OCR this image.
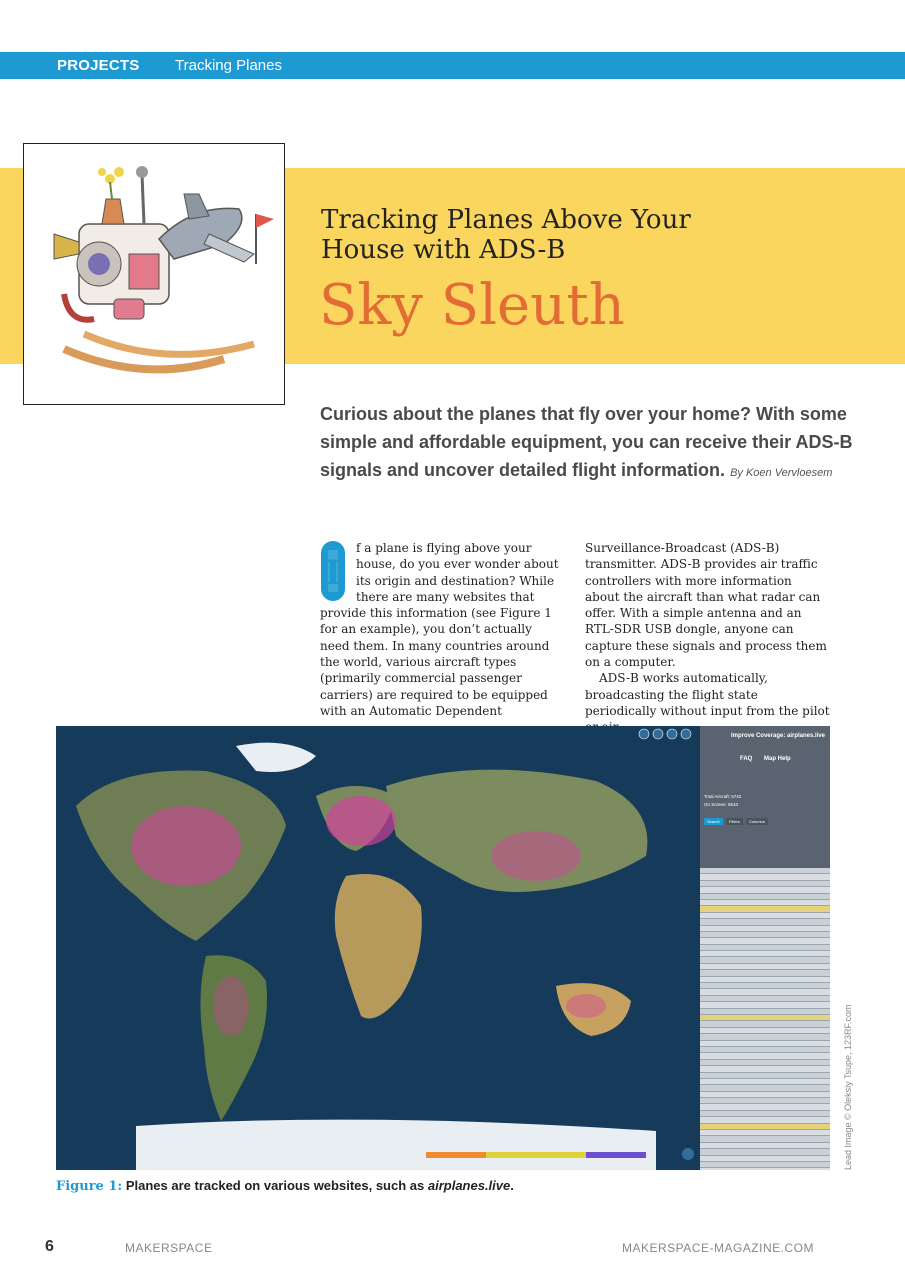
PROJECTS Tracking Planes
Tracking Planes Above Your
House with ADS-B
Sky Sleuth
Curious about the planes that fly over your home? With some simple and affordable equipment, you can receive their ADS-B signals and uncover detailed flight information. By Koen Vervloesem

I
f a plane is flying above your house, do you ever wonder about its origin and destination? While there are many websites that provide this information (see Figure 1 for an example), you don’t actually need them. In many countries around the world, various aircraft types (primarily commercial passenger carriers) are required to be equipped with an Automatic Dependent

Surveillance-Broadcast (ADS-B) transmitter. ADS-B provides air traffic controllers with more information about the aircraft than what radar can offer. With a simple antenna and an RTL-SDR USB dongle, anyone can capture these signals and process them on a computer.

ADS-B works automatically, broadcasting the flight state periodically without input from the pilot

Improve Coverage: airplanes.live
FAQ Map Help
Total Aircraft: 5742
On Screen: 5610
Search	Filters	Columns
Figure 1: Planes are tracked on various websites, such as airplanes.live.
Lead Image © Oleksiy Tsupe, 123RF.com
6	MAKERSPACE	MAKERSPACE-MAGAZINE.COM
